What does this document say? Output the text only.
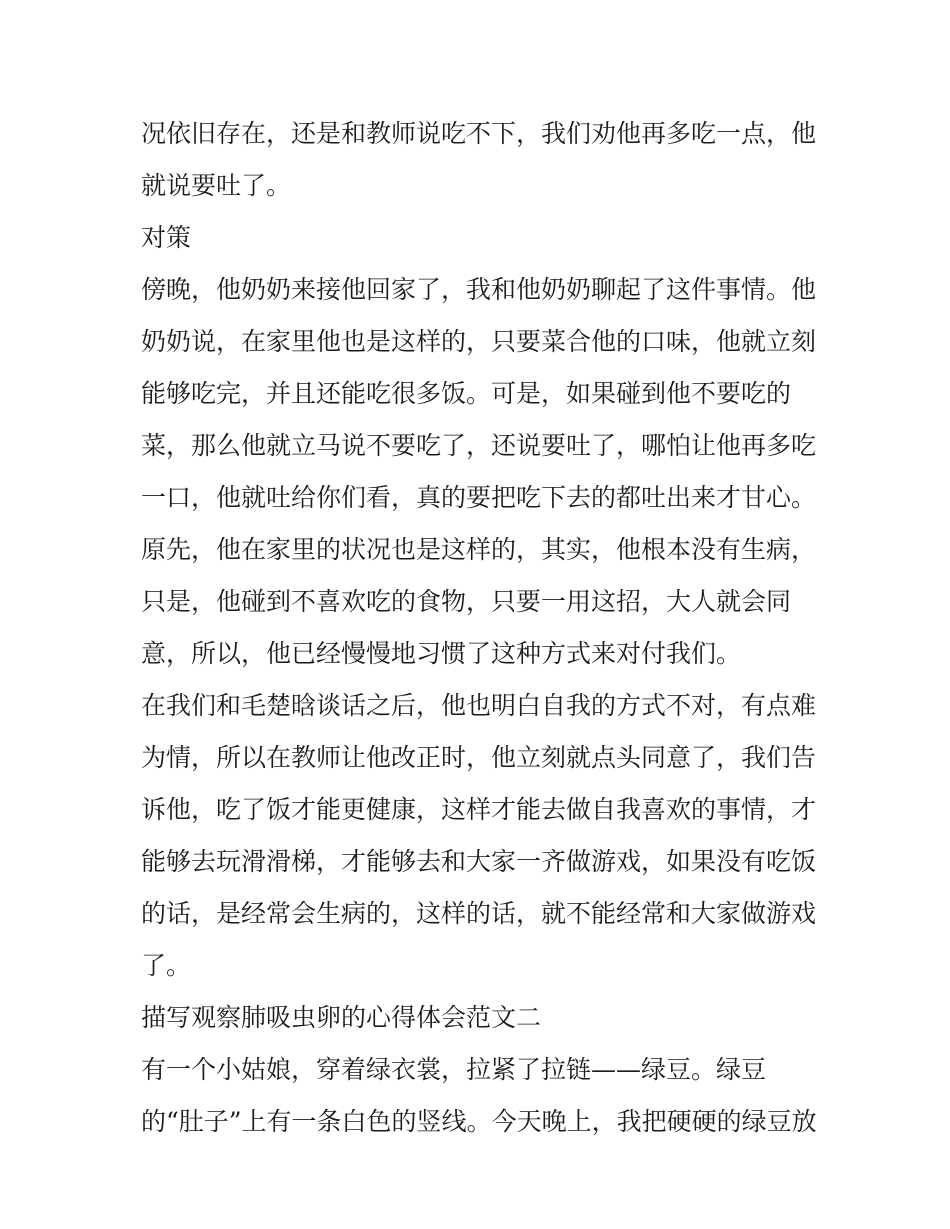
况依旧存在，还是和教师说吃不下，我们劝他再多吃一点，他
就说要吐了。
对策
傍晚，他奶奶来接他回家了，我和他奶奶聊起了这件事情。他
奶奶说，在家里他也是这样的，只要菜合他的口味，他就立刻
能够吃完，并且还能吃很多饭。可是，如果碰到他不要吃的
菜，那么他就立马说不要吃了，还说要吐了，哪怕让他再多吃
一口，他就吐给你们看，真的要把吃下去的都吐出来才甘心。
原先，他在家里的状况也是这样的，其实，他根本没有生病，
只是，他碰到不喜欢吃的食物，只要一用这招，大人就会同
意，所以，他已经慢慢地习惯了这种方式来对付我们。
在我们和毛楚晗谈话之后，他也明白自我的方式不对，有点难
为情，所以在教师让他改正时，他立刻就点头同意了，我们告
诉他，吃了饭才能更健康，这样才能去做自我喜欢的事情，才
能够去玩滑滑梯，才能够去和大家一齐做游戏，如果没有吃饭
的话，是经常会生病的，这样的话，就不能经常和大家做游戏
了。
描写观察肺吸虫卵的心得体会范文二
有一个小姑娘，穿着绿衣裳，拉紧了拉链——绿豆。绿豆
的“肚子”上有一条白色的竖线。今天晚上，我把硬硬的绿豆放
